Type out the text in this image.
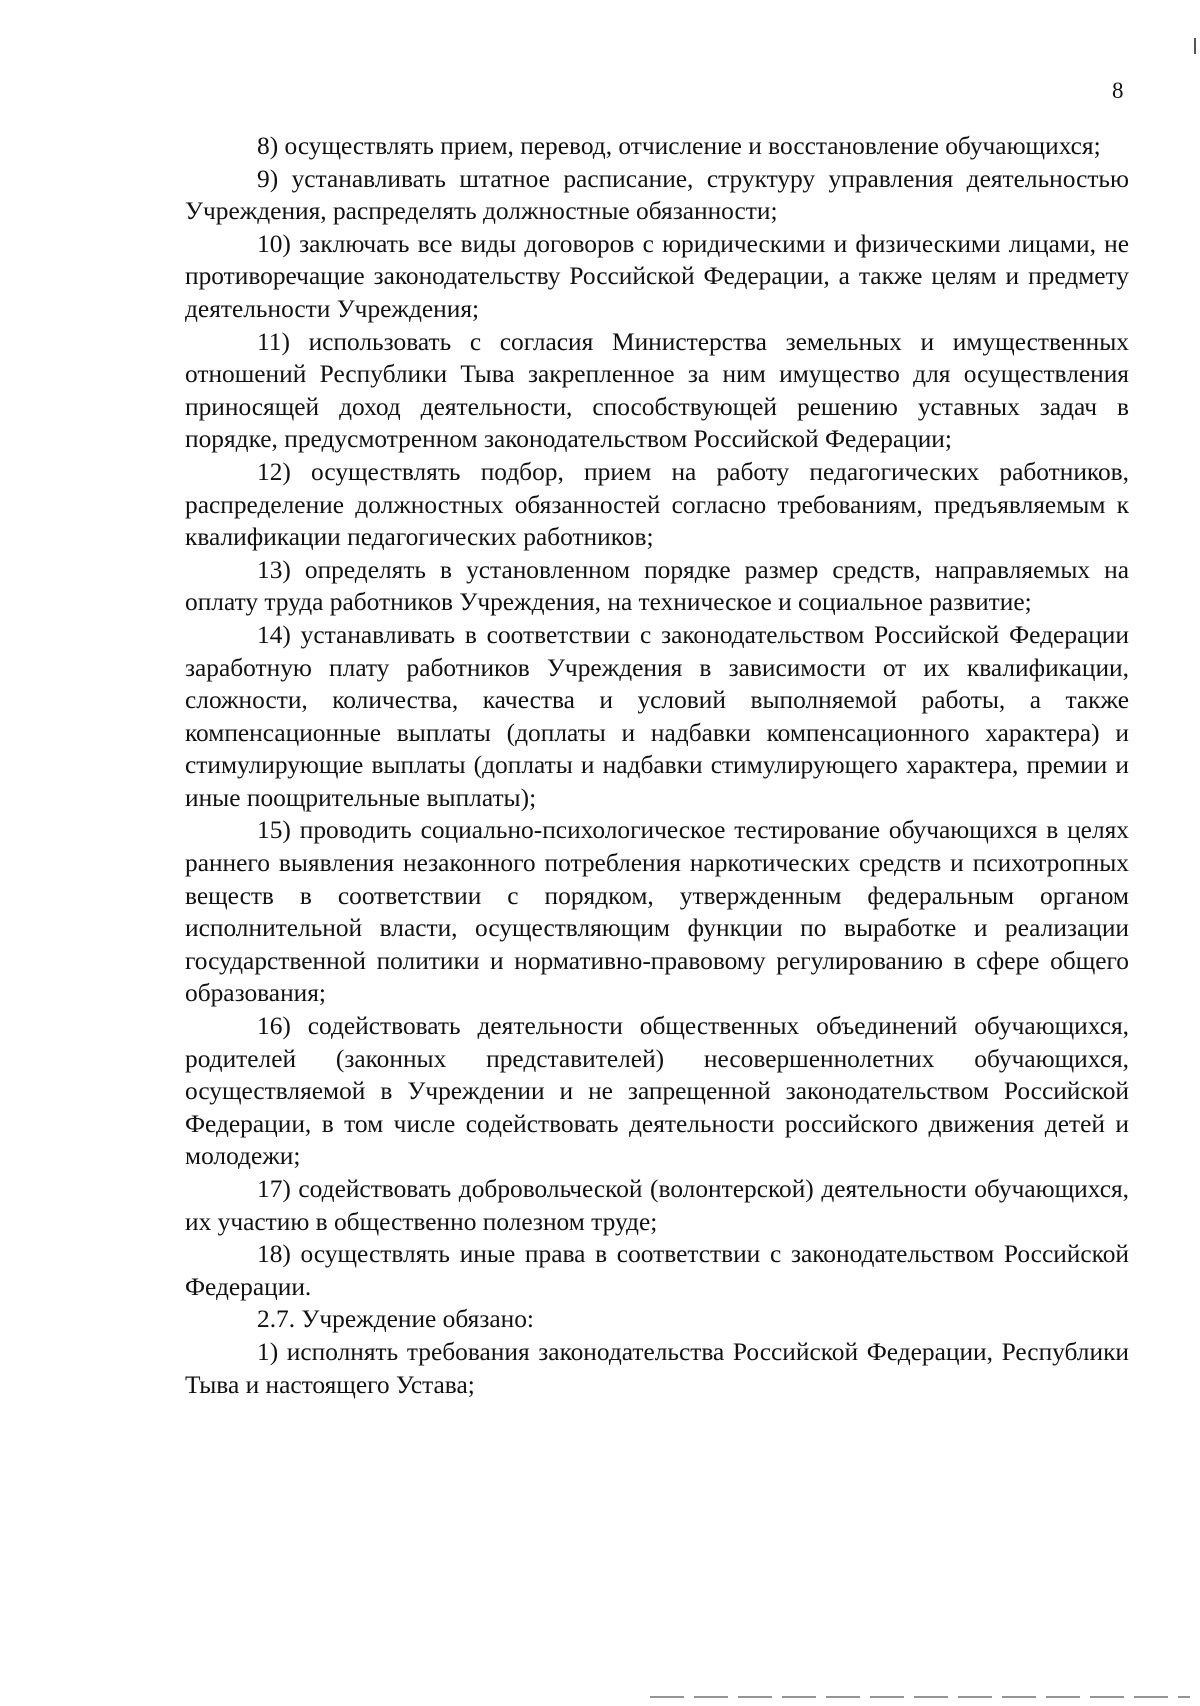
8

8) осуществлять прием, перевод, отчисление и восстановление обучающихся;

9) устанавливать штатное расписание, структуру управления деятельностью Учреждения, распределять должностные обязанности;

10) заключать все виды договоров с юридическими и физическими лицами, не противоречащие законодательству Российской Федерации, а также целям и предмету деятельности Учреждения;

11) использовать с согласия Министерства земельных и имущественных отношений Республики Тыва закрепленное за ним имущество для осуществления приносящей доход деятельности, способствующей решению уставных задач в порядке, предусмотренном законодательством Российской Федерации;

12) осуществлять подбор, прием на работу педагогических работников, распределение должностных обязанностей согласно требованиям, предъявляемым к квалификации педагогических работников;

13) определять в установленном порядке размер средств, направляемых на оплату труда работников Учреждения, на техническое и социальное развитие;

14) устанавливать в соответствии с законодательством Российской Федерации заработную плату работников Учреждения в зависимости от их квалификации, сложности, количества, качества и условий выполняемой работы, а также компенсационные выплаты (доплаты и надбавки компенсационного характера) и стимулирующие выплаты (доплаты и надбавки стимулирующего характера, премии и иные поощрительные выплаты);

15) проводить социально-психологическое тестирование обучающихся в целях раннего выявления незаконного потребления наркотических средств и психотропных веществ в соответствии с порядком, утвержденным федеральным органом исполнительной власти, осуществляющим функции по выработке и реализации государственной политики и нормативно-правовому регулированию в сфере общего образования;

16) содействовать деятельности общественных объединений обучающихся, родителей (законных представителей) несовершеннолетних обучающихся, осуществляемой в Учреждении и не запрещенной законодательством Российской Федерации, в том числе содействовать деятельности российского движения детей и молодежи;

17) содействовать добровольческой (волонтерской) деятельности обучающихся, их участию в общественно полезном труде;

18) осуществлять иные права в соответствии с законодательством Российской Федерации.

2.7. Учреждение обязано:

1) исполнять требования законодательства Российской Федерации, Республики Тыва и настоящего Устава;
